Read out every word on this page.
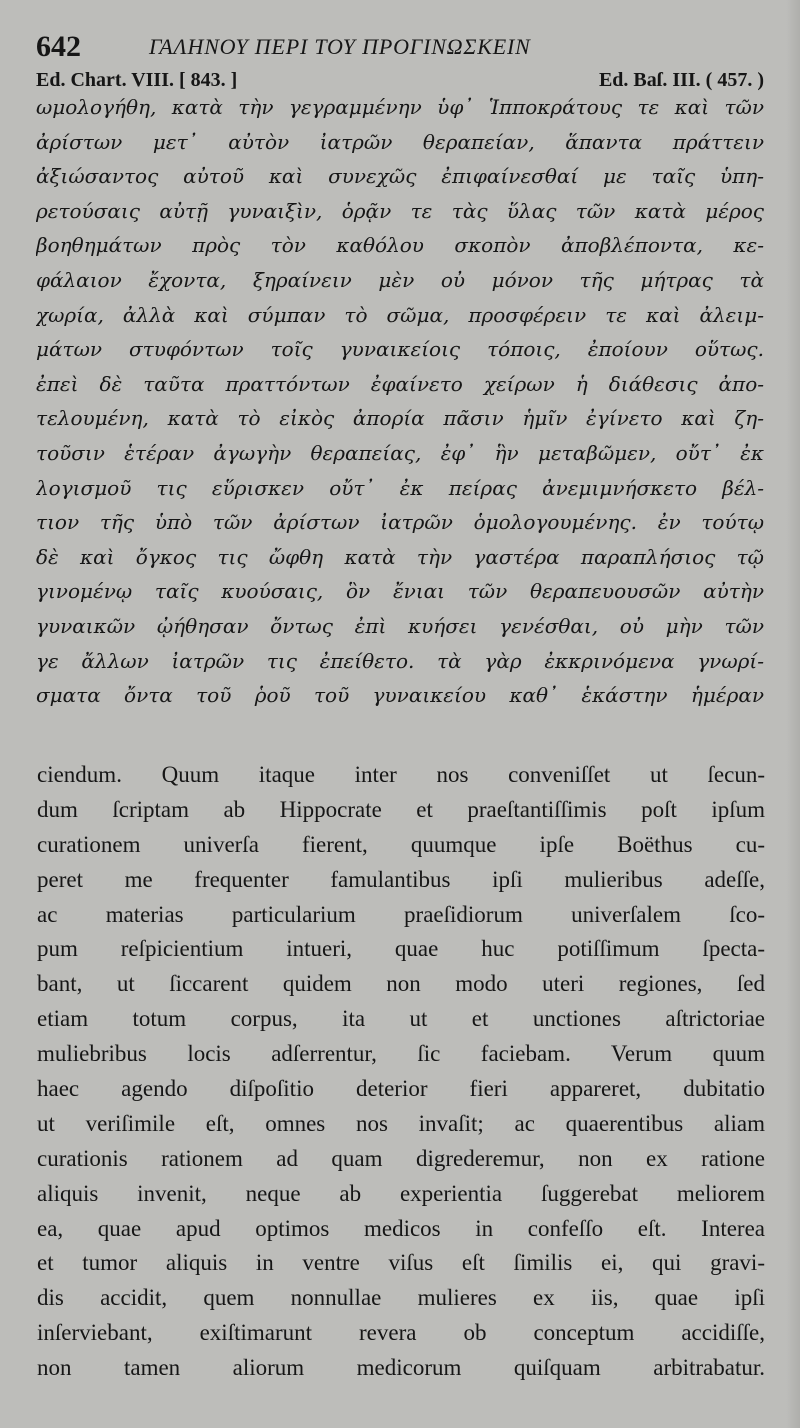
642	ΓΑΛΗΝΟΥ ΠΕΡΙ ΤΟΥ ΠΡΟΓΙΝΩΣΚΕΙΝ
Ed. Chart. VIII. [ 843. ]	Ed. Baſ. III. ( 457. )
ωμολογήθη, κατὰ τὴν γεγραμμένην ὑφ᾽ Ἱπποκράτους τε καὶ τῶν
ἀρίστων μετ᾽ αὐτὸν ἰατρῶν θεραπείαν, ἅπαντα πράττειν
ἀξιώσαντος αὐτοῦ καὶ συνεχῶς ἐπιφαίνεσθαί με ταῖς ὑπη-
ρετούσαις αὐτῇ γυναιξὶν, ὁρᾷν τε τὰς ὕλας τῶν κατὰ μέρος
βοηθημάτων πρὸς τὸν καθόλου σκοπὸν ἀποβλέποντα, κε-
φάλαιον ἔχοντα, ξηραίνειν μὲν οὐ μόνον τῆς μήτρας τὰ
χωρία, ἀλλὰ καὶ σύμπαν τὸ σῶμα, προσφέρειν τε καὶ ἀλειμ-
μάτων στυφόντων τοῖς γυναικείοις τόποις, ἐποίουν οὕτως.
ἐπεὶ δὲ ταῦτα πραττόντων ἐφαίνετο χείρων ἡ διάθεσις ἀπο-
τελουμένη, κατὰ τὸ εἰκὸς ἀπορία πᾶσιν ἡμῖν ἐγίνετο καὶ ζη-
τοῦσιν ἑτέραν ἀγωγὴν θεραπείας, ἐφ᾽ ἣν μεταβῶμεν, οὔτ᾽ ἐκ
λογισμοῦ τις εὕρισκεν οὔτ᾽ ἐκ πείρας ἀνεμιμνήσκετο βέλ-
τιον τῆς ὑπὸ τῶν ἀρίστων ἰατρῶν ὁμολογουμένης. ἐν τούτῳ
δὲ καὶ ὄγκος τις ὤφθη κατὰ τὴν γαστέρα παραπλήσιος τῷ
γινομένῳ ταῖς κυούσαις, ὃν ἔνιαι τῶν θεραπευουσῶν αὐτὴν
γυναικῶν ᾠήθησαν ὄντως ἐπὶ κυήσει γενέσθαι, οὐ μὴν τῶν
γε ἄλλων ἰατρῶν τις ἐπείθετο. τὰ γὰρ ἐκκρινόμενα γνωρί-
σματα ὄντα τοῦ ῥοῦ τοῦ γυναικείου καθ᾽ ἑκάστην ἡμέραν
ciendum. Quum itaque inter nos conveniſſet ut ſecun-
dum ſcriptam ab Hippocrate et praeſtantiſſimis poſt ipſum
curationem univerſa fierent, quumque ipſe Boëthus cu-
peret me frequenter famulantibus ipſi mulieribus adeſſe,
ac materias particularium praeſidiorum univerſalem ſco-
pum reſpicientium intueri, quae huc potiſſimum ſpecta-
bant, ut ſiccarent quidem non modo uteri regiones, ſed
etiam totum corpus, ita ut et unctiones aſtrictoriae
muliebribus locis adſerrentur, ſic faciebam. Verum quum
haec agendo diſpoſitio deterior fieri appareret, dubitatio
ut veriſimile eſt, omnes nos invaſit; ac quaerentibus aliam
curationis rationem ad quam digrederemur, non ex ratione
aliquis invenit, neque ab experientia ſuggerebat meliorem
ea, quae apud optimos medicos in confeſſo eſt. Interea
et tumor aliquis in ventre viſus eſt ſimilis ei, qui gravi-
dis accidit, quem nonnullae mulieres ex iis, quae ipſi
inſerviebant, exiſtimarunt revera ob conceptum accidiſſe,
non tamen aliorum medicorum quiſquam arbitrabatur.
